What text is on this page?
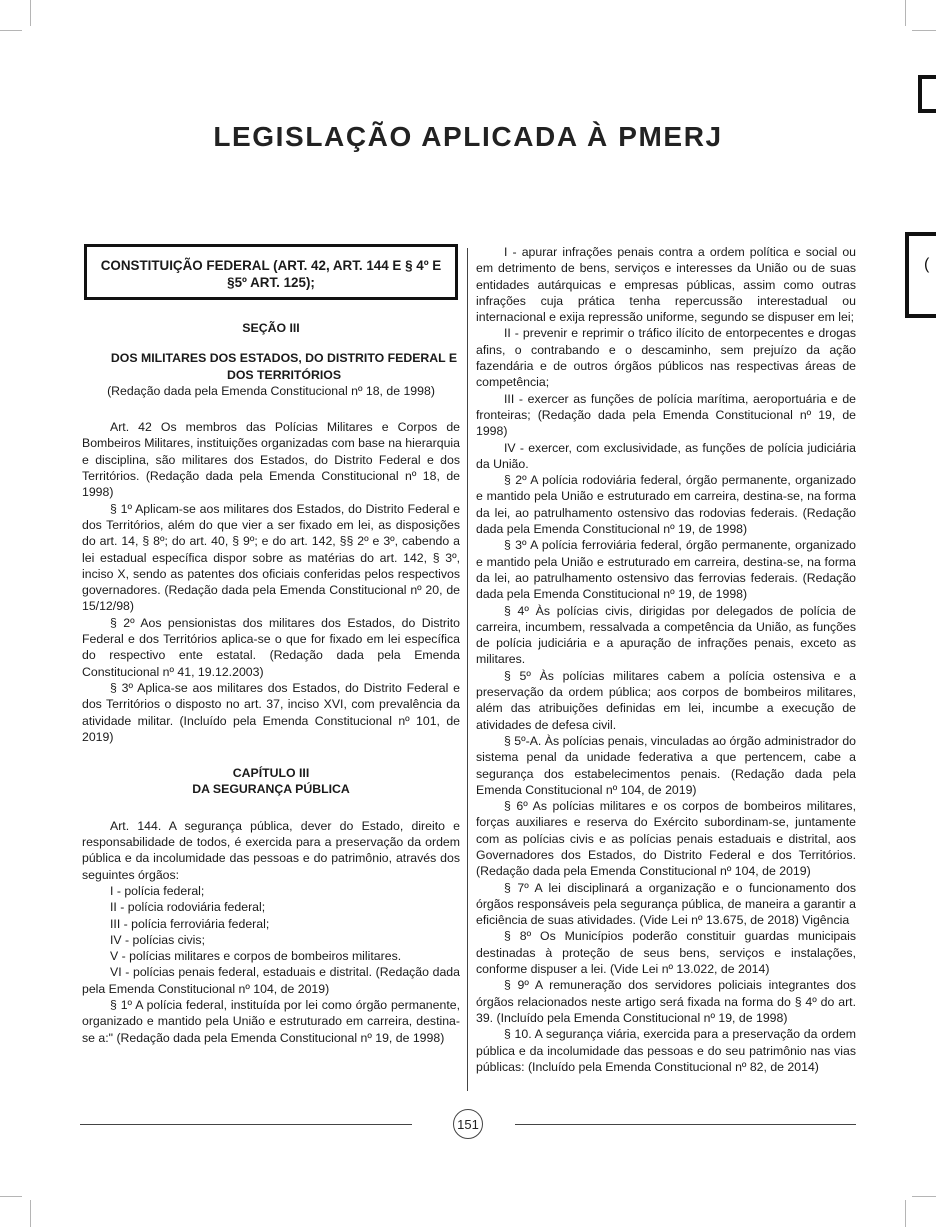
(
LEGISLAÇÃO APLICADA À PMERJ
CONSTITUIÇÃO FEDERAL (ART. 42, ART. 144 E § 4º E §5º ART. 125);

SEÇÃO III

DOS MILITARES DOS ESTADOS, DO DISTRITO FEDERAL E DOS TERRITÓRIOS

(Redação dada pela Emenda Constitucional nº 18, de 1998)

Art. 42 Os membros das Polícias Militares e Corpos de Bombeiros Militares, instituições organizadas com base na hierarquia e disciplina, são militares dos Estados, do Distrito Federal e dos Territórios. (Redação dada pela Emenda Constitucional nº 18, de 1998)

§ 1º Aplicam-se aos militares dos Estados, do Distrito Federal e dos Territórios, além do que vier a ser fixado em lei, as disposições do art. 14, § 8º; do art. 40, § 9º; e do art. 142, §§ 2º e 3º, cabendo a lei estadual específica dispor sobre as matérias do art. 142, § 3º, inciso X, sendo as patentes dos oficiais conferidas pelos respectivos governadores. (Redação dada pela Emenda Constitucional nº 20, de 15/12/98)

§ 2º Aos pensionistas dos militares dos Estados, do Distrito Federal e dos Territórios aplica-se o que for fixado em lei específica do respectivo ente estatal. (Redação dada pela Emenda Constitucional nº 41, 19.12.2003)

§ 3º Aplica-se aos militares dos Estados, do Distrito Federal e dos Territórios o disposto no art. 37, inciso XVI, com prevalência da atividade militar. (Incluído pela Emenda Constitucional nº 101, de 2019)

CAPÍTULO III

DA SEGURANÇA PÚBLICA

Art. 144. A segurança pública, dever do Estado, direito e responsabilidade de todos, é exercida para a preservação da ordem pública e da incolumidade das pessoas e do patrimônio, através dos seguintes órgãos:

I - polícia federal;

II - polícia rodoviária federal;

III - polícia ferroviária federal;

IV - polícias civis;

V - polícias militares e corpos de bombeiros militares.

VI - polícias penais federal, estaduais e distrital. (Redação dada pela Emenda Constitucional nº 104, de 2019)

§ 1º A polícia federal, instituída por lei como órgão permanente, organizado e mantido pela União e estruturado em carreira, destina-se a:" (Redação dada pela Emenda Constitucional nº 19, de 1998)

I - apurar infrações penais contra a ordem política e social ou em detrimento de bens, serviços e interesses da União ou de suas entidades autárquicas e empresas públicas, assim como outras infrações cuja prática tenha repercussão interestadual ou internacional e exija repressão uniforme, segundo se dispuser em lei;

II - prevenir e reprimir o tráfico ilícito de entorpecentes e drogas afins, o contrabando e o descaminho, sem prejuízo da ação fazendária e de outros órgãos públicos nas respectivas áreas de competência;

III - exercer as funções de polícia marítima, aeroportuária e de fronteiras; (Redação dada pela Emenda Constitucional nº 19, de 1998)

IV - exercer, com exclusividade, as funções de polícia judiciária da União.

§ 2º A polícia rodoviária federal, órgão permanente, organizado e mantido pela União e estruturado em carreira, destina-se, na forma da lei, ao patrulhamento ostensivo das rodovias federais. (Redação dada pela Emenda Constitucional nº 19, de 1998)

§ 3º A polícia ferroviária federal, órgão permanente, organizado e mantido pela União e estruturado em carreira, destina-se, na forma da lei, ao patrulhamento ostensivo das ferrovias federais. (Redação dada pela Emenda Constitucional nº 19, de 1998)

§ 4º Às polícias civis, dirigidas por delegados de polícia de carreira, incumbem, ressalvada a competência da União, as funções de polícia judiciária e a apuração de infrações penais, exceto as militares.

§ 5º Às polícias militares cabem a polícia ostensiva e a preservação da ordem pública; aos corpos de bombeiros militares, além das atribuições definidas em lei, incumbe a execução de atividades de defesa civil.

§ 5º-A. Às polícias penais, vinculadas ao órgão administrador do sistema penal da unidade federativa a que pertencem, cabe a segurança dos estabelecimentos penais. (Redação dada pela Emenda Constitucional nº 104, de 2019)

§ 6º As polícias militares e os corpos de bombeiros militares, forças auxiliares e reserva do Exército subordinam-se, juntamente com as polícias civis e as polícias penais estaduais e distrital, aos Governadores dos Estados, do Distrito Federal e dos Territórios. (Redação dada pela Emenda Constitucional nº 104, de 2019)

§ 7º A lei disciplinará a organização e o funcionamento dos órgãos responsáveis pela segurança pública, de maneira a garantir a eficiência de suas atividades. (Vide Lei nº 13.675, de 2018) Vigência

§ 8º Os Municípios poderão constituir guardas municipais destinadas à proteção de seus bens, serviços e instalações, conforme dispuser a lei. (Vide Lei nº 13.022, de 2014)

§ 9º A remuneração dos servidores policiais integrantes dos órgãos relacionados neste artigo será fixada na forma do § 4º do art. 39. (Incluído pela Emenda Constitucional nº 19, de 1998)

§ 10. A segurança viária, exercida para a preservação da ordem pública e da incolumidade das pessoas e do seu patrimônio nas vias públicas: (Incluído pela Emenda Constitucional nº 82, de 2014)

151
